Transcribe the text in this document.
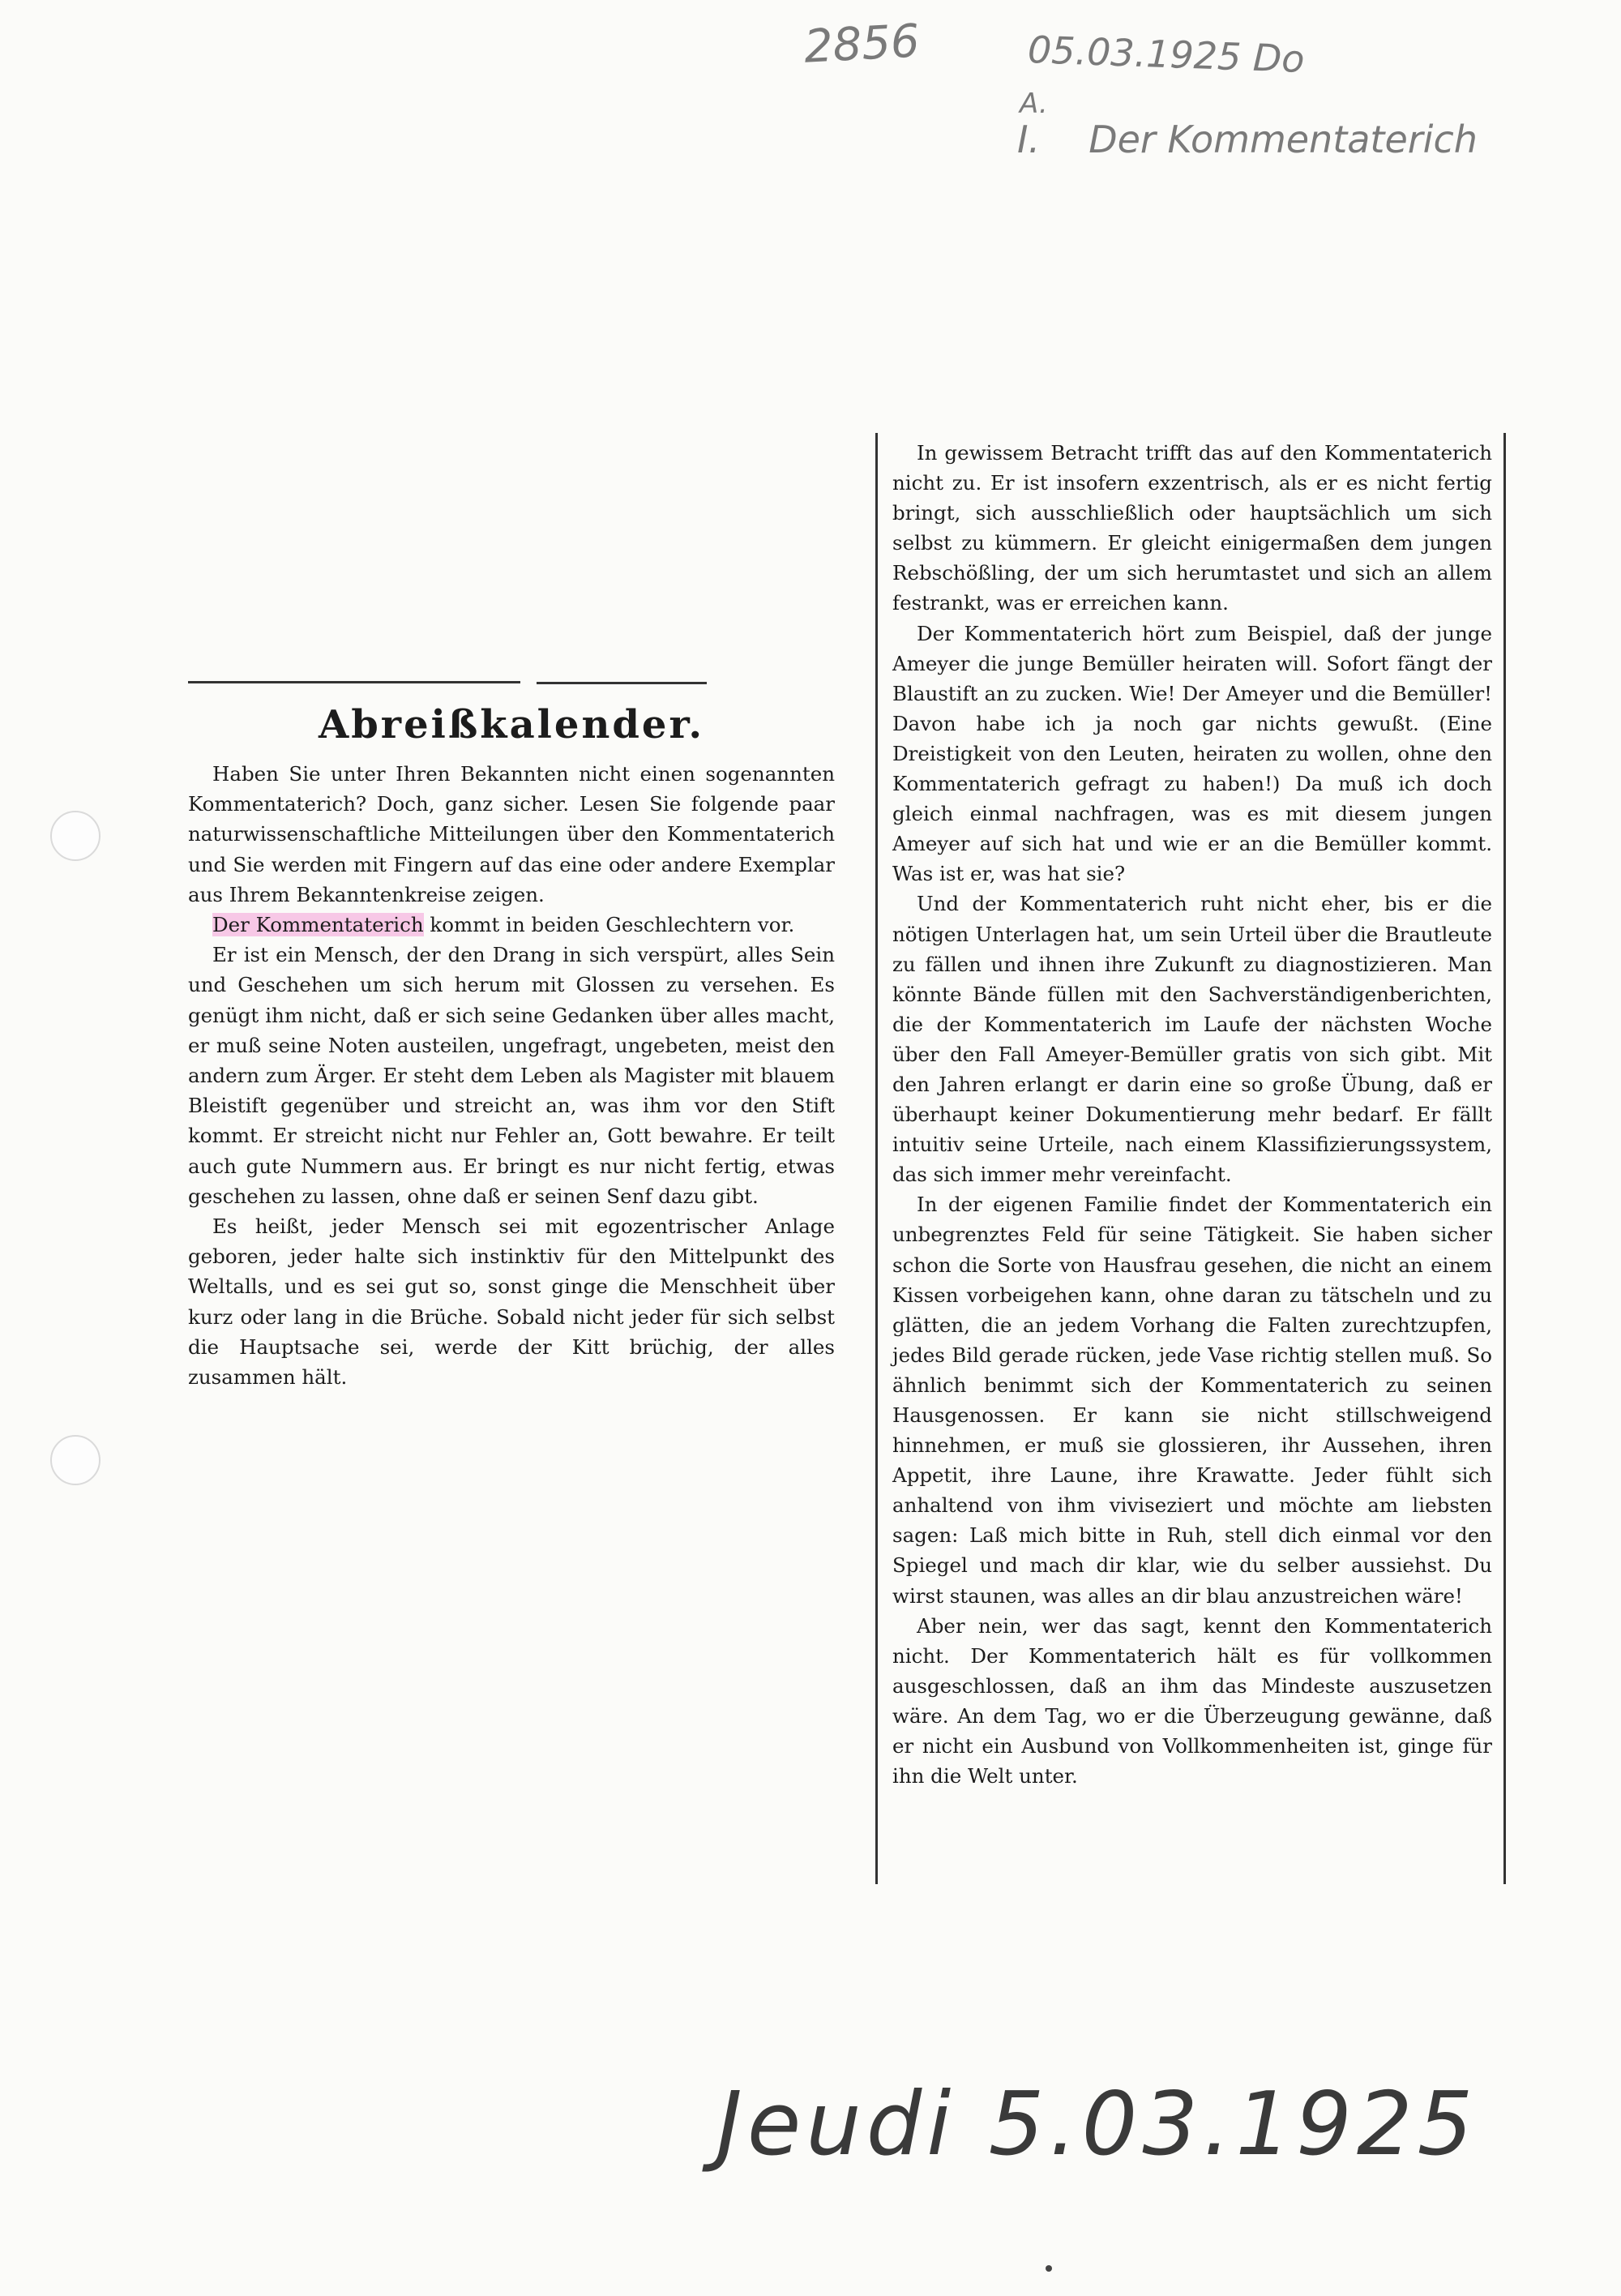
2856	05.03.1925 Do
A.
I. Der Kommentaterich
Abreißkalender.

Haben Sie unter Ihren Bekannten nicht einen sogenannten Kommentaterich? Doch, ganz sicher. Lesen Sie folgende paar naturwissenschaftliche Mitteilungen über den Kommentaterich und Sie werden mit Fingern auf das eine oder andere Exemplar aus Ihrem Bekanntenkreise zeigen.

Der Kommentaterich kommt in beiden Geschlechtern vor.

Er ist ein Mensch, der den Drang in sich verspürt, alles Sein und Geschehen um sich herum mit Glossen zu versehen. Es genügt ihm nicht, daß er sich seine Gedanken über alles macht, er muß seine Noten austeilen, ungefragt, ungebeten, meist den andern zum Ärger. Er steht dem Leben als Magister mit blauem Bleistift gegenüber und streicht an, was ihm vor den Stift kommt. Er streicht nicht nur Fehler an, Gott bewahre. Er teilt auch gute Nummern aus. Er bringt es nur nicht fertig, etwas geschehen zu lassen, ohne daß er seinen Senf dazu gibt.

Es heißt, jeder Mensch sei mit egozentrischer Anlage geboren, jeder halte sich instinktiv für den Mittelpunkt des Weltalls, und es sei gut so, sonst ginge die Menschheit über kurz oder lang in die Brüche. Sobald nicht jeder für sich selbst die Hauptsache sei, werde der Kitt brüchig, der alles zusammen hält.

In gewissem Betracht trifft das auf den Kommentaterich nicht zu. Er ist insofern exzentrisch, als er es nicht fertig bringt, sich ausschließlich oder hauptsächlich um sich selbst zu kümmern. Er gleicht einigermaßen dem jungen Rebschößling, der um sich herumtastet und sich an allem festrankt, was er erreichen kann.

Der Kommentaterich hört zum Beispiel, daß der junge Ameyer die junge Bemüller heiraten will. Sofort fängt der Blaustift an zu zucken. Wie! Der Ameyer und die Bemüller! Davon habe ich ja noch gar nichts gewußt. (Eine Dreistigkeit von den Leuten, heiraten zu wollen, ohne den Kommentaterich gefragt zu haben!) Da muß ich doch gleich einmal nachfragen, was es mit diesem jungen Ameyer auf sich hat und wie er an die Bemüller kommt. Was ist er, was hat sie?

Und der Kommentaterich ruht nicht eher, bis er die nötigen Unterlagen hat, um sein Urteil über die Brautleute zu fällen und ihnen ihre Zukunft zu diagnostizieren. Man könnte Bände füllen mit den Sachverständigenberichten, die der Kommentaterich im Laufe der nächsten Woche über den Fall Ameyer-Bemüller gratis von sich gibt. Mit den Jahren erlangt er darin eine so große Übung, daß er überhaupt keiner Dokumentierung mehr bedarf. Er fällt intuitiv seine Urteile, nach einem Klassifizierungssystem, das sich immer mehr vereinfacht.

In der eigenen Familie findet der Kommentaterich ein unbegrenztes Feld für seine Tätigkeit. Sie haben sicher schon die Sorte von Hausfrau gesehen, die nicht an einem Kissen vorbeigehen kann, ohne daran zu tätscheln und zu glätten, die an jedem Vorhang die Falten zurechtzupfen, jedes Bild gerade rücken, jede Vase richtig stellen muß. So ähnlich benimmt sich der Kommentaterich zu seinen Hausgenossen. Er kann sie nicht stillschweigend hinnehmen, er muß sie glossieren, ihr Aussehen, ihren Appetit, ihre Laune, ihre Krawatte. Jeder fühlt sich anhaltend von ihm viviseziert und möchte am liebsten sagen: Laß mich bitte in Ruh, stell dich einmal vor den Spiegel und mach dir klar, wie du selber aussiehst. Du wirst staunen, was alles an dir blau anzustreichen wäre!

Aber nein, wer das sagt, kennt den Kommentaterich nicht. Der Kommentaterich hält es für vollkommen ausgeschlossen, daß an ihm das Mindeste auszusetzen wäre. An dem Tag, wo er die Überzeugung gewänne, daß er nicht ein Ausbund von Vollkommenheiten ist, ginge für ihn die Welt unter.

Jeudi 5.03.1925
